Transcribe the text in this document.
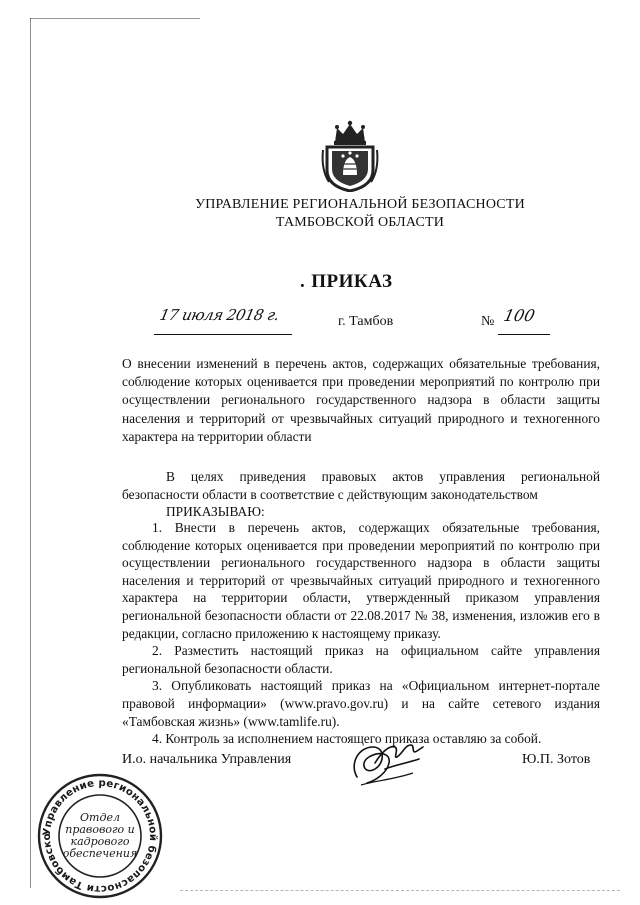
УПРАВЛЕНИЕ РЕГИОНАЛЬНОЙ БЕЗОПАСНОСТИ
ТАМБОВСКОЙ ОБЛАСТИ
. ПРИКАЗ
17 июля 2018 г.	г. Тамбов	№ 100
О внесении изменений в перечень актов, содержащих обязательные требования, соблюдение которых оценивается при проведении мероприятий по контролю при осуществлении регионального государственного надзора в области защиты населения и территорий от чрезвычайных ситуаций природного и техногенного характера на территории области
В целях приведения правовых актов управления региональной безопасности области в соответствие с действующим законодательством
ПРИКАЗЫВАЮ:

1. Внести в перечень актов, содержащих обязательные требования, соблюдение которых оценивается при проведении мероприятий по контролю при осуществлении регионального государственного надзора в области защиты населения и территорий от чрезвычайных ситуаций природного и техногенного характера на территории области, утвержденный приказом управления региональной безопасности области от 22.08.2017 № 38, изменения, изложив его в редакции, согласно приложению к настоящему приказу.

2. Разместить настоящий приказ на официальном сайте управления региональной безопасности области.

3. Опубликовать настоящий приказ на «Официальном интернет-портале правовой информации» (www.pravo.gov.ru) и на сайте сетевого издания «Тамбовская жизнь» (www.tamlife.ru).

4. Контроль за исполнением настоящего приказа оставляю за собой.

И.о. начальника Управления	Ю.П. Зотов
Управление региональной безопасности Тамбовско
Отдел
правового и
кадрового
обеспечения
